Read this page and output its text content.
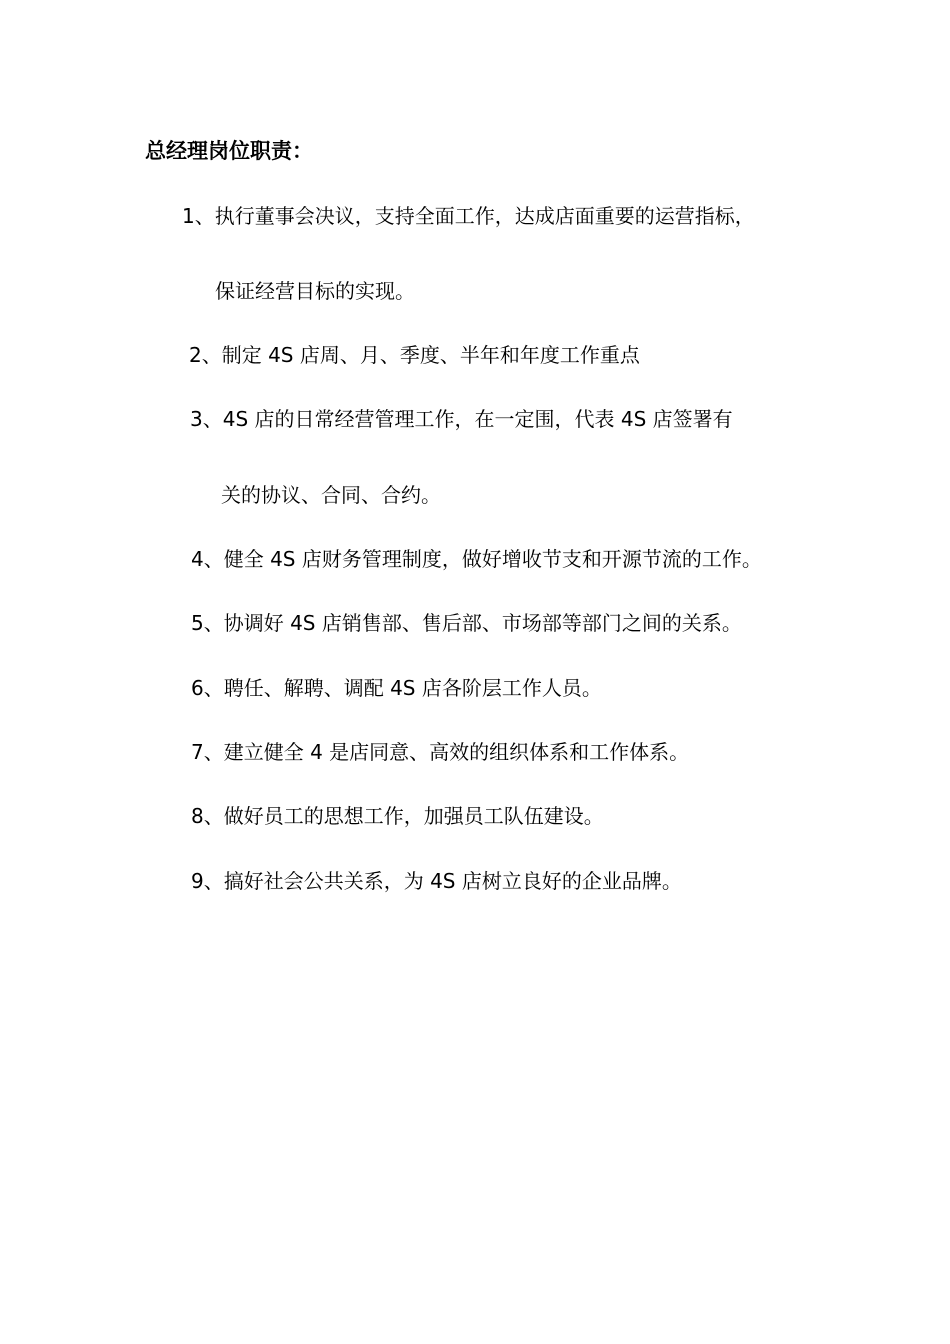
总经理岗位职责：
1、执行董事会决议，支持全面工作，达成店面重要的运营指标，
保证经营目标的实现。
2、制定 4S 店周、月、季度、半年和年度工作重点
3、4S 店的日常经营管理工作，在一定围，代表 4S 店签署有
关的协议、合同、合约。
4、健全 4S 店财务管理制度，做好增收节支和开源节流的工作。
5、协调好 4S 店销售部、售后部、市场部等部门之间的关系。
6、聘任、解聘、调配 4S 店各阶层工作人员。
7、建立健全 4 是店同意、高效的组织体系和工作体系。
8、做好员工的思想工作，加强员工队伍建设。
9、搞好社会公共关系，为 4S 店树立良好的企业品牌。
